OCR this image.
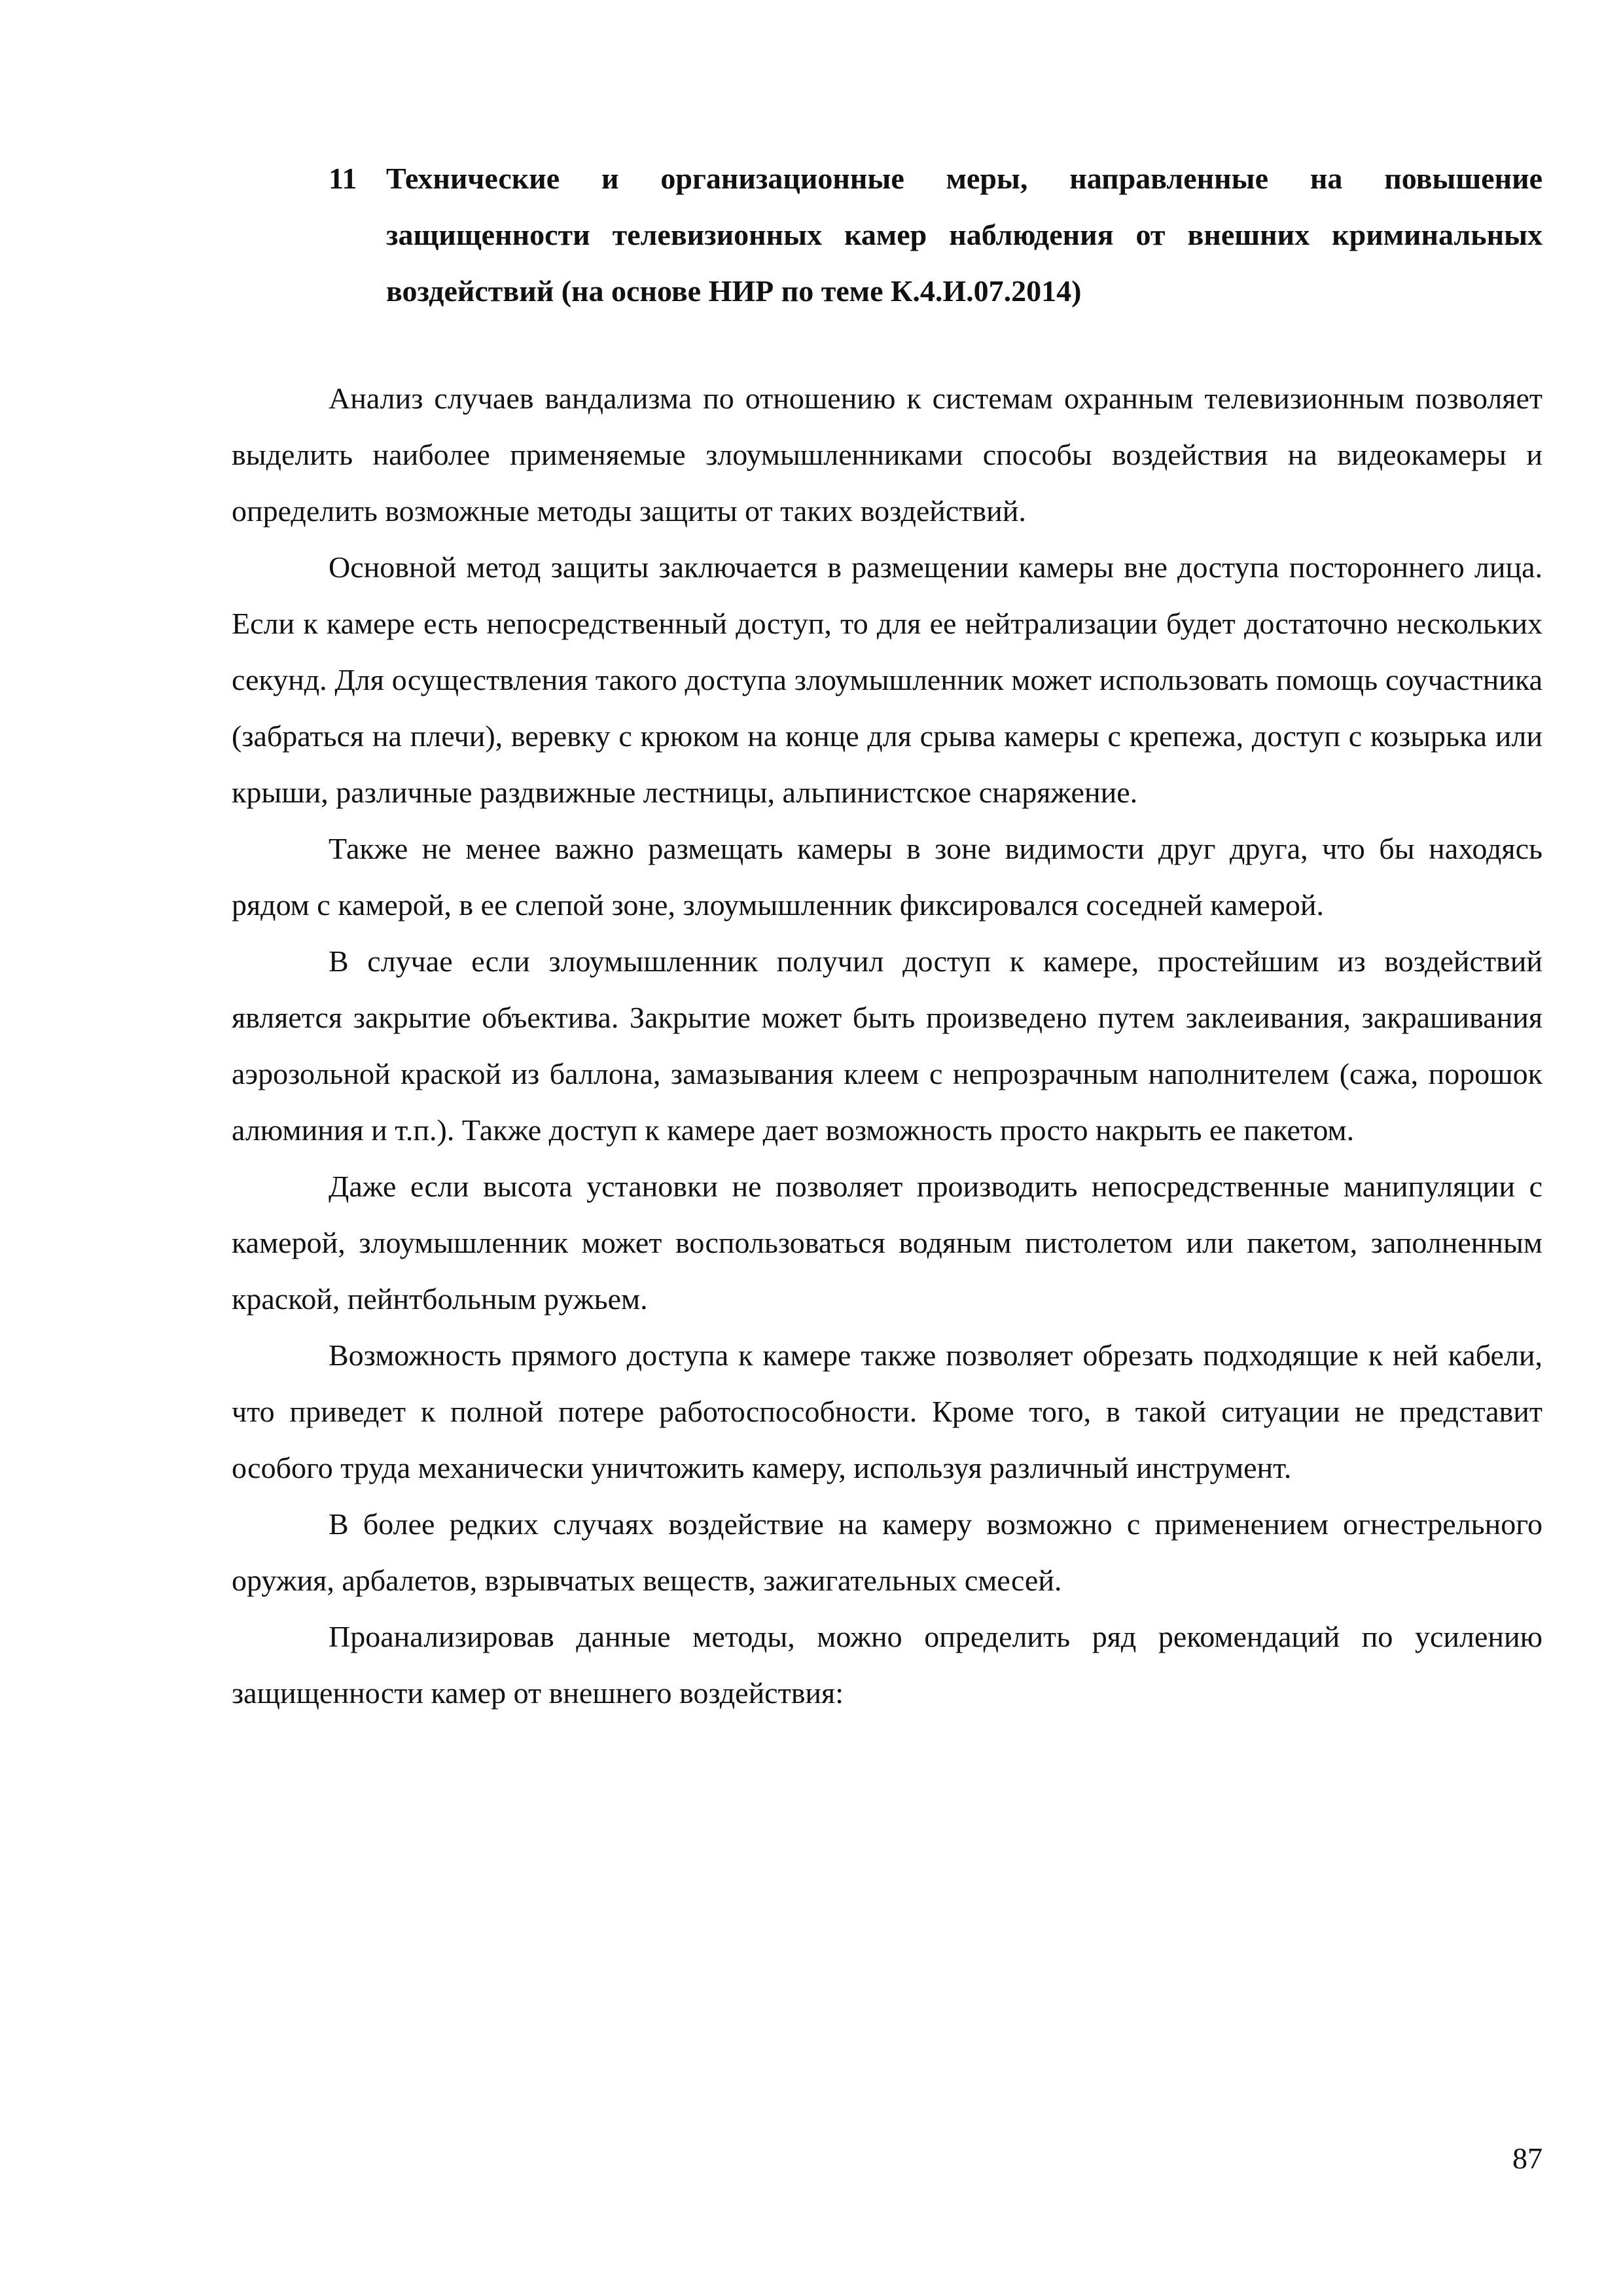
11 Технические и организационные меры, направленные на повышение защищенности телевизионных камер наблюдения от внешних криминальных воздействий (на основе НИР по теме К.4.И.07.2014)

Анализ случаев вандализма по отношению к системам охранным телевизионным позволяет выделить наиболее применяемые злоумышленниками способы воздействия на видеокамеры и определить возможные методы защиты от таких воздействий.

Основной метод защиты заключается в размещении камеры вне доступа постороннего лица. Если к камере есть непосредственный доступ, то для ее нейтрализации будет достаточно нескольких секунд. Для осуществления такого доступа злоумышленник может использовать помощь соучастника (забраться на плечи), веревку с крюком на конце для срыва камеры с крепежа, доступ с козырька или крыши, различные раздвижные лестницы, альпинистское снаряжение.

Также не менее важно размещать камеры в зоне видимости друг друга, что бы находясь рядом с камерой, в ее слепой зоне, злоумышленник фиксировался соседней камерой.

В случае если злоумышленник получил доступ к камере, простейшим из воздействий является закрытие объектива. Закрытие может быть произведено путем заклеивания, закрашивания аэрозольной краской из баллона, замазывания клеем с непрозрачным наполнителем (сажа, порошок алюминия и т.п.). Также доступ к камере дает возможность просто накрыть ее пакетом.

Даже если высота установки не позволяет производить непосредственные манипуляции с камерой, злоумышленник может воспользоваться водяным пистолетом или пакетом, заполненным краской, пейнтбольным ружьем.

Возможность прямого доступа к камере также позволяет обрезать подходящие к ней кабели, что приведет к полной потере работоспособности. Кроме того, в такой ситуации не представит особого труда механически уничтожить камеру, используя различный инструмент.

В более редких случаях воздействие на камеру возможно с применением огнестрельного оружия, арбалетов, взрывчатых веществ, зажигательных смесей.

Проанализировав данные методы, можно определить ряд рекомендаций по усилению защищенности камер от внешнего воздействия:

87
